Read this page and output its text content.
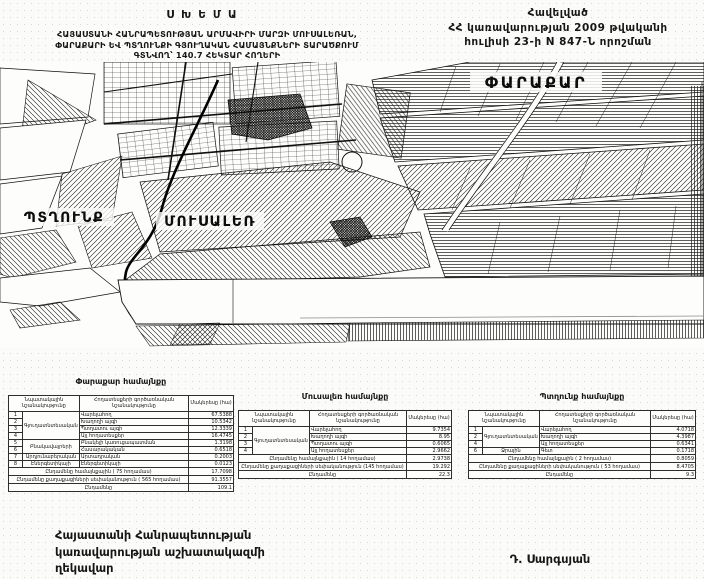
Հավելված
ՀՀ կառավարության 2009 թվականի
հուլիսի 23-ի N 847-Ն որոշման
ՍԽԵՄԱ
ՀԱՅԱՍՏԱՆԻ ՀԱՆՐԱՊԵՏՈՒԹՅԱՆ ԱՐՄԱՎԻՐԻ ՄԱՐԶԻ ՄՈՒՍԱԼԵՌԱՆ,
ՓԱՐԱՔԱՐԻ ԵՎ ՊՏՂՈՒՆՔԻ ԳՅՈՒՂԱԿԱՆ ՀԱՄԱՅՆՔՆԵՐԻ ՏԱՐԱԾՔՈՒՄ
ԳՏՆՎՈՂ՝ 140.7 ՀԵԿՏԱՐ ՀՈՂԵՐԻ
ՓԱՐԱՔԱՐ
ՊՏՂՈՒՆՔ	ՄՈՒՍԱԼԵՌ
Փարաքար համայնքը
Նպատակային նշանակությունը		Հողատեսքերի գործառնական նշանակությունը	Մակերեսը (հա)
1	Գյուղատնտեսական	Վարելահող	67.5388
2		Խաղողի այգի	10.5342
3		Պտղատու այգի	12.3339
4		Այլ հողատեսքեր	16.4745
5	Բնակավայրերի	Բնակելի կառուցապատման	1.3198
6		Հասարակական	0.6518
7	Արդյունաբերական	Արտադրական	0.2003
8	Էներգետիկայի	Էներգետիկայի	0.0123
Ընդամենը համայնքային ( 75 հողամաս)			17.7098
Ընդամենը քաղաքացիների սեփականություն ( 565 հողամաս)			91.3557
Ընդամենը			109.1
Մուսալեռ համայնքը
Նպատակային նշանակությունը		Հողատեսքերի գործառնական նշանակությունը	Մակերեսը (հա)
1	Գյուղատնտեսական	Վարելահող	9.7354
2		Խաղողի այգի	8.95
3		Պտղատու այգի	0.6065
4		Այլ հողատեսքեր	2.9662
Ընդամենը համայնքային ( 14 հողամաս)			2.9738
Ընդամենը քաղաքացիների սեփականություն (145 հողամաս)			19.292
Ընդամենը			22.3
Պտղունք համայնքը
Նպատակային նշանակությունը		Հողատեսքերի գործառնական նշանակությունը	Մակերեսը (հա)
1	Գյուղատնտեսական	Վարելահող	4.0718
2		Խաղողի այգի	4.3987
4		Այլ հողատեսքեր	0.6341
6	Ջրային	Գետ	0.1718
Ընդամենը համայնքային ( 2 հողամաս)			0.8059
Ընդամենը քաղաքացիների սեփականություն ( 53 հողամաս)			8.4705
Ընդամենը			9.3
Հայաստանի Հանրապետության
կառավարության աշխատակազմի
ղեկավար
Դ. Սարգսյան
